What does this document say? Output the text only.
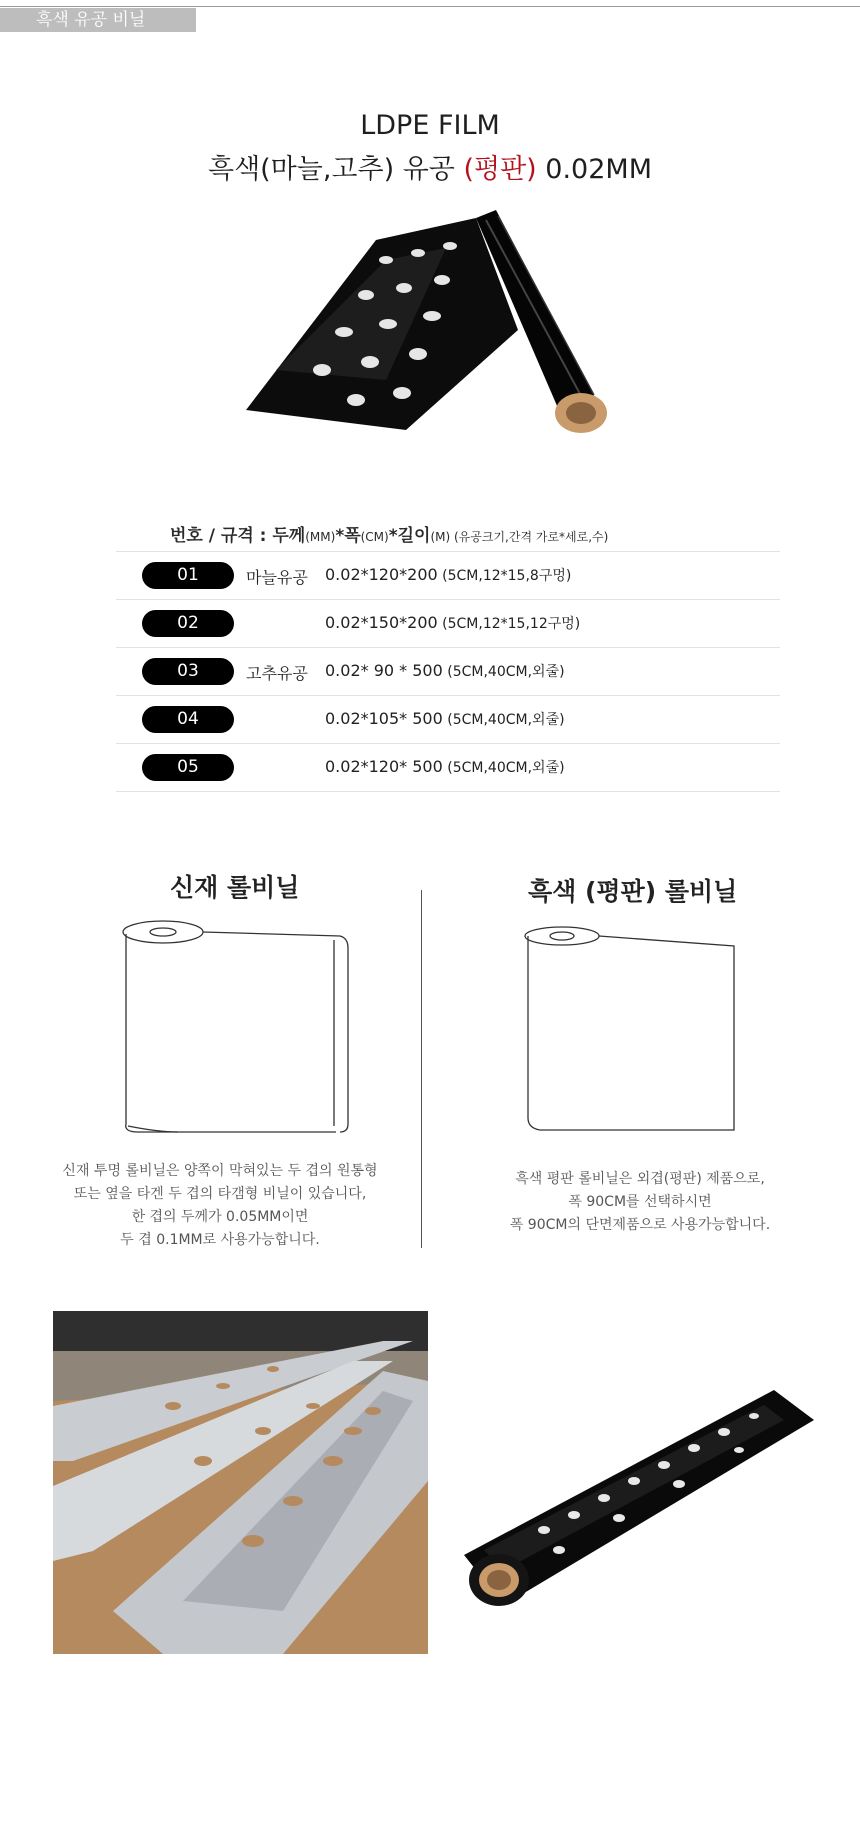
흑색 유공 비닐
LDPE FILM
흑색(마늘,고추) 유공 (평판) 0.02MM
번호 / 규격 : 두께(MM)*폭(CM)*길이(M) (유공크기,간격 가로*세로,수)
01	마늘유공 0.02*120*200 (5CM,12*15,8구멍)
02	0.02*150*200 (5CM,12*15,12구멍)
03	고추유공 0.02* 90 * 500 (5CM,40CM,외줄)
04	0.02*105* 500 (5CM,40CM,외줄)
05	0.02*120* 500 (5CM,40CM,외줄)
신재 롤비닐	흑색 (평판) 롤비닐
신재 투명 롤비닐은 양쪽이 막혀있는 두 겹의 원통형
또는 옆을 타겐 두 겹의 타갬형 비닐이 있습니다,
한 겹의 두께가 0.05MM이면
두 겹 0.1MM로 사용가능합니다.
흑색 평판 롤비닐은 외겹(평판) 제품으로,
폭 90CM를 선택하시면
폭 90CM의 단면제품으로 사용가능합니다.
